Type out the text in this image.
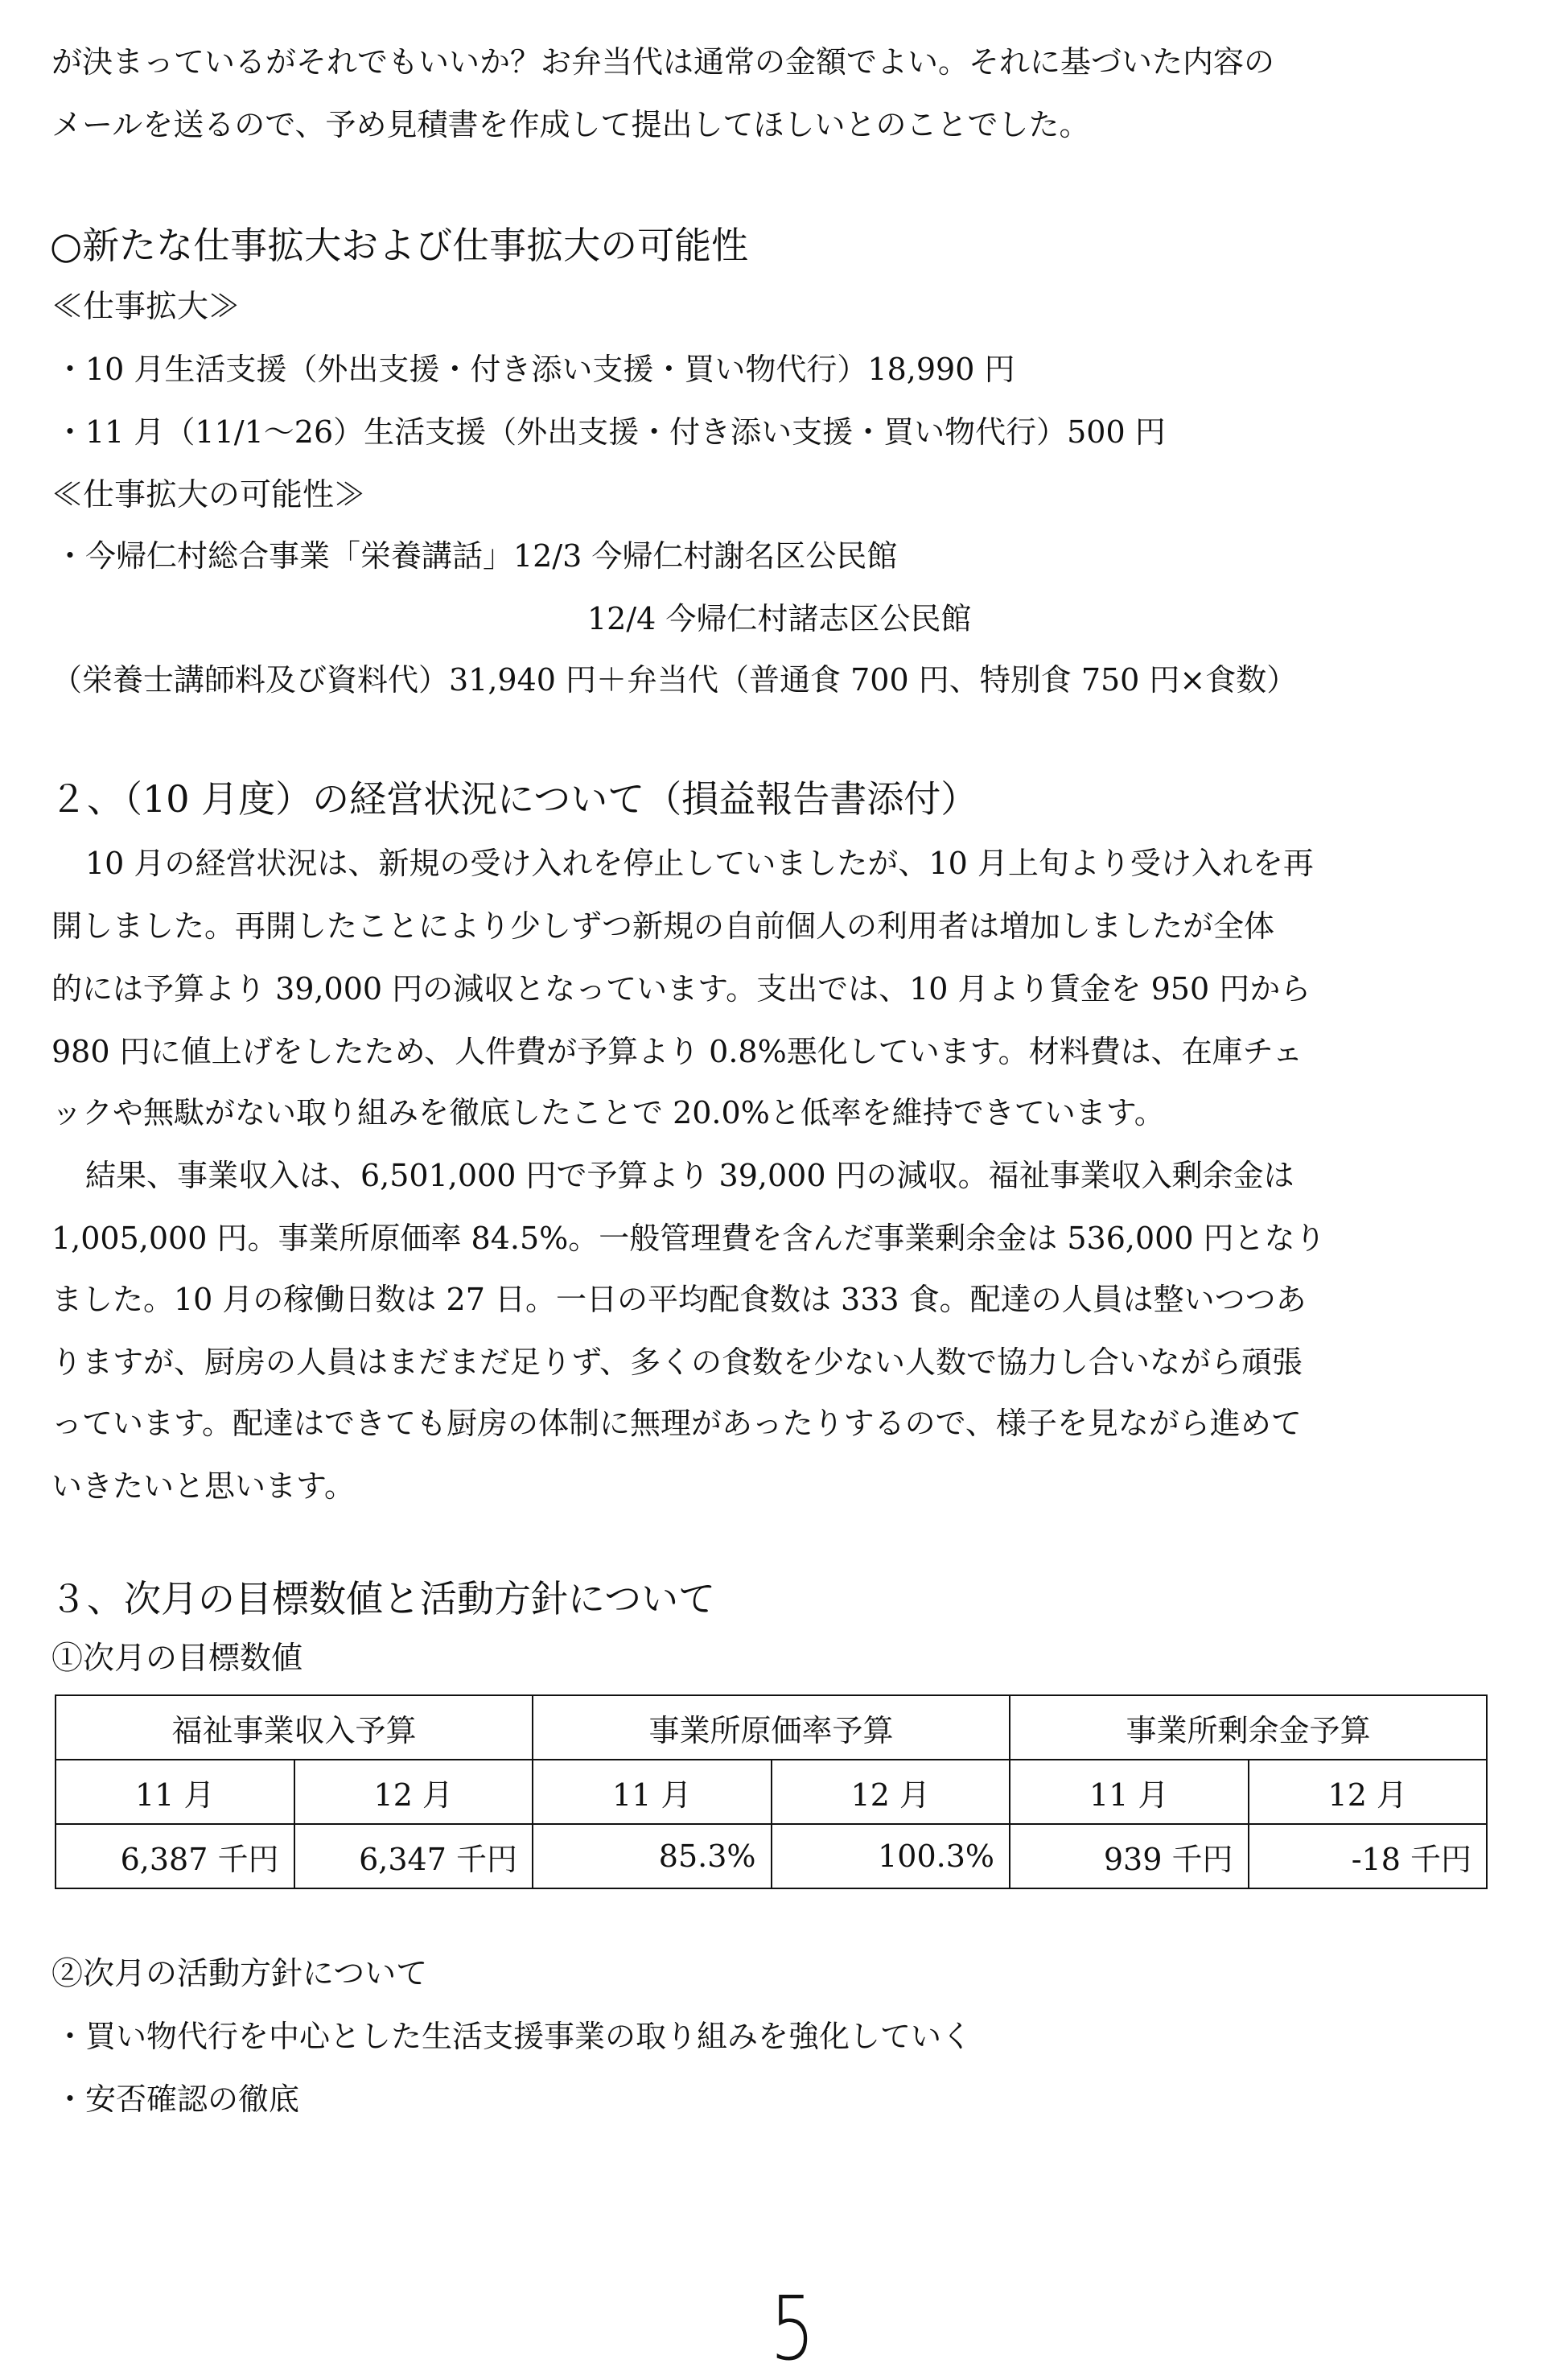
が決まっているがそれでもいいか？お弁当代は通常の金額でよい。それに基づいた内容の
メールを送るので、予め見積書を作成して提出してほしいとのことでした。
○新たな仕事拡大および仕事拡大の可能性
≪仕事拡大≫
・10 月生活支援（外出支援・付き添い支援・買い物代行）18,990 円
・11 月（11/1～26）生活支援（外出支援・付き添い支援・買い物代行）500 円
≪仕事拡大の可能性≫
・今帰仁村総合事業「栄養講話」12/3 今帰仁村謝名区公民館
12/4 今帰仁村諸志区公民館
（栄養士講師料及び資料代）31,940 円＋弁当代（普通食 700 円、特別食 750 円×食数）
２、（10 月度）の経営状況について（損益報告書添付）
10 月の経営状況は、新規の受け入れを停止していましたが、10 月上旬より受け入れを再
開しました。再開したことにより少しずつ新規の自前個人の利用者は増加しましたが全体
的には予算より 39,000 円の減収となっています。支出では、10 月より賃金を 950 円から
980 円に値上げをしたため、人件費が予算より 0.8%悪化しています。材料費は、在庫チェ
ックや無駄がない取り組みを徹底したことで 20.0%と低率を維持できています。
結果、事業収入は、6,501,000 円で予算より 39,000 円の減収。福祉事業収入剰余金は
1,005,000 円。事業所原価率 84.5%。一般管理費を含んだ事業剰余金は 536,000 円となり
ました。10 月の稼働日数は 27 日。一日の平均配食数は 333 食。配達の人員は整いつつあ
りますが、厨房の人員はまだまだ足りず、多くの食数を少ない人数で協力し合いながら頑張
っています。配達はできても厨房の体制に無理があったりするので、様子を見ながら進めて
いきたいと思います。
３、次月の目標数値と活動方針について
①次月の目標数値
福祉事業収入予算		事業所原価率予算		事業所剰余金予算	
11 月	12 月	11 月	12 月	11 月	12 月
6,387 千円	6,347 千円	85.3%	100.3%	939 千円	-18 千円
②次月の活動方針について
・買い物代行を中心とした生活支援事業の取り組みを強化していく
・安否確認の徹底
5
